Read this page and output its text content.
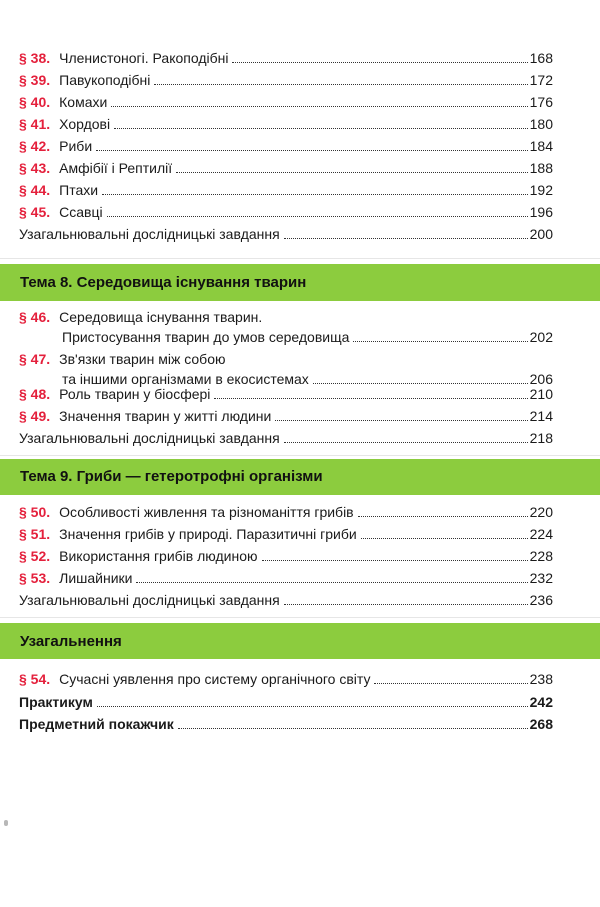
§ 38. Членистоногі. Ракоподібні	168
§ 39. Павукоподібні	172
§ 40. Комахи	176
§ 41. Хордові	180
§ 42. Риби	184
§ 43. Амфібії і Рептилії	188
§ 44. Птахи	192
§ 45. Ссавці	196
Узагальнювальні дослідницькі завдання	200
Тема 8. Середовища існування тварин
§ 46. Середовища існування тварин.
Пристосування тварин до умов середовища	202
§ 47. Зв'язки тварин між собою
та іншими організмами в екосистемах	206
§ 48. Роль тварин у біосфері	210
§ 49. Значення тварин у житті людини	214
Узагальнювальні дослідницькі завдання	218
Тема 9. Гриби — гетеротрофні організми
§ 50. Особливості живлення та різноманіття грибів	220
§ 51. Значення грибів у природі. Паразитичні гриби	224
§ 52. Використання грибів людиною	228
§ 53. Лишайники	232
Узагальнювальні дослідницькі завдання	236
Узагальнення
§ 54. Сучасні уявлення про систему органічного світу	238
Практикум	242
Предметний покажчик	268
